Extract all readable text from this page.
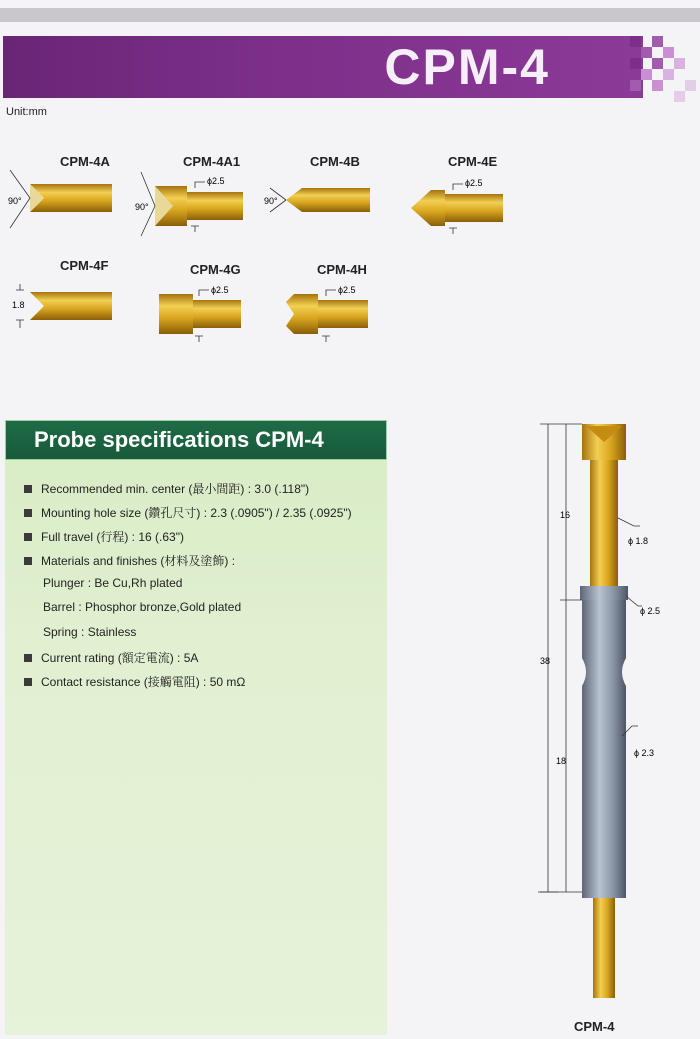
CPM-4
Unit:mm
CPM-4A
90°
CPM-4A1
90°
ϕ2.5
CPM-4B
90°
CPM-4E
ϕ2.5
CPM-4F
1.8
CPM-4G
ϕ2.5
CPM-4H
ϕ2.5
Probe specifications CPM-4
Recommended min. center (最小間距) : 3.0 (.118")
Mounting hole size (鑽孔尺寸) : 2.3 (.0905") / 2.35 (.0925")
Full travel (行程) : 16 (.63")
Materials and finishes (材料及塗飾) :
Plunger : Be Cu,Rh plated
Barrel : Phosphor bronze,Gold plated
Spring : Stainless
Current rating (額定電流) : 5A
Contact resistance (接觸電阻) : 50 mΩ
16
38
18
ϕ 1.8
ϕ 2.5
ϕ 2.3
CPM-4
